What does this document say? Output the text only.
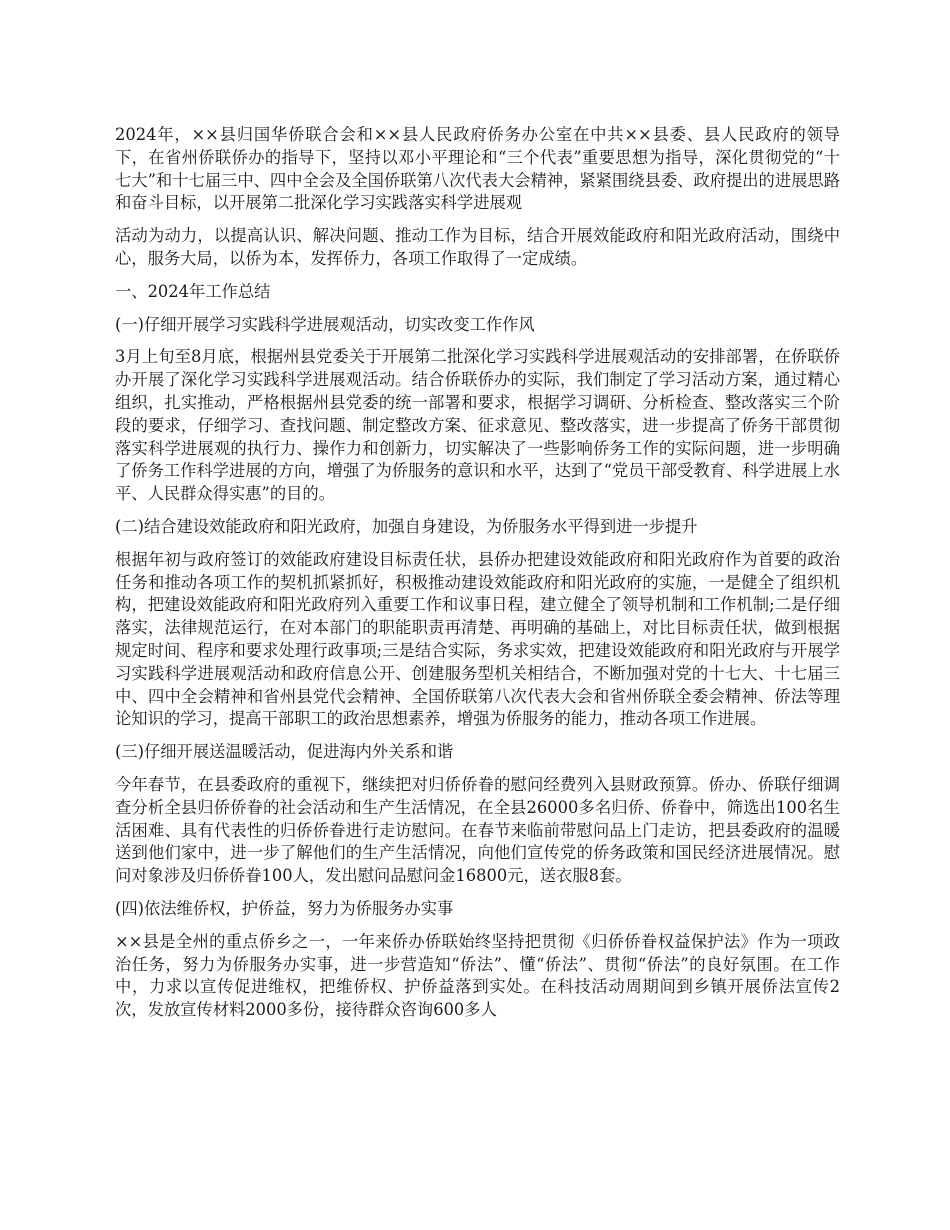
2024年，××县归国华侨联合会和××县人民政府侨务办公室在中共××县委、县人民政府的领导下，在省州侨联侨办的指导下，坚持以邓小平理论和“三个代表”重要思想为指导，深化贯彻党的“十七大”和十七届三中、四中全会及全国侨联第八次代表大会精神，紧紧围绕县委、政府提出的进展思路和奋斗目标，以开展第二批深化学习实践落实科学进展观

活动为动力，以提高认识、解决问题、推动工作为目标，结合开展效能政府和阳光政府活动，围绕中心，服务大局，以侨为本，发挥侨力，各项工作取得了一定成绩。

一、2024年工作总结

(一)仔细开展学习实践科学进展观活动，切实改变工作作风

3月上旬至8月底，根据州县党委关于开展第二批深化学习实践科学进展观活动的安排部署，在侨联侨办开展了深化学习实践科学进展观活动。结合侨联侨办的实际，我们制定了学习活动方案，通过精心组织，扎实推动，严格根据州县党委的统一部署和要求，根据学习调研、分析检查、整改落实三个阶段的要求，仔细学习、查找问题、制定整改方案、征求意见、整改落实，进一步提高了侨务干部贯彻落实科学进展观的执行力、操作力和创新力，切实解决了一些影响侨务工作的实际问题，进一步明确了侨务工作科学进展的方向，增强了为侨服务的意识和水平，达到了“党员干部受教育、科学进展上水平、人民群众得实惠”的目的。

(二)结合建设效能政府和阳光政府，加强自身建设，为侨服务水平得到进一步提升

根据年初与政府签订的效能政府建设目标责任状，县侨办把建设效能政府和阳光政府作为首要的政治任务和推动各项工作的契机抓紧抓好，积极推动建设效能政府和阳光政府的实施，一是健全了组织机构，把建设效能政府和阳光政府列入重要工作和议事日程，建立健全了领导机制和工作机制;二是仔细落实，法律规范运行，在对本部门的职能职责再清楚、再明确的基础上，对比目标责任状，做到根据规定时间、程序和要求处理行政事项;三是结合实际，务求实效，把建设效能政府和阳光政府与开展学习实践科学进展观活动和政府信息公开、创建服务型机关相结合，不断加强对党的十七大、十七届三中、四中全会精神和省州县党代会精神、全国侨联第八次代表大会和省州侨联全委会精神、侨法等理论知识的学习，提高干部职工的政治思想素养，增强为侨服务的能力，推动各项工作进展。

(三)仔细开展送温暖活动，促进海内外关系和谐

今年春节，在县委政府的重视下，继续把对归侨侨眷的慰问经费列入县财政预算。侨办、侨联仔细调查分析全县归侨侨眷的社会活动和生产生活情况，在全县26000多名归侨、侨眷中，筛选出100名生活困难、具有代表性的归侨侨眷进行走访慰问。在春节来临前带慰问品上门走访，把县委政府的温暖送到他们家中，进一步了解他们的生产生活情况，向他们宣传党的侨务政策和国民经济进展情况。慰问对象涉及归侨侨眷100人，发出慰问品慰问金16800元，送衣服8套。

(四)依法维侨权，护侨益，努力为侨服务办实事

××县是全州的重点侨乡之一，一年来侨办侨联始终坚持把贯彻《归侨侨眷权益保护法》作为一项政治任务，努力为侨服务办实事，进一步营造知“侨法”、懂“侨法”、贯彻“侨法”的良好氛围。在工作中，力求以宣传促进维权，把维侨权、护侨益落到实处。在科技活动周期间到乡镇开展侨法宣传2次，发放宣传材料2000多份，接待群众咨询600多人
